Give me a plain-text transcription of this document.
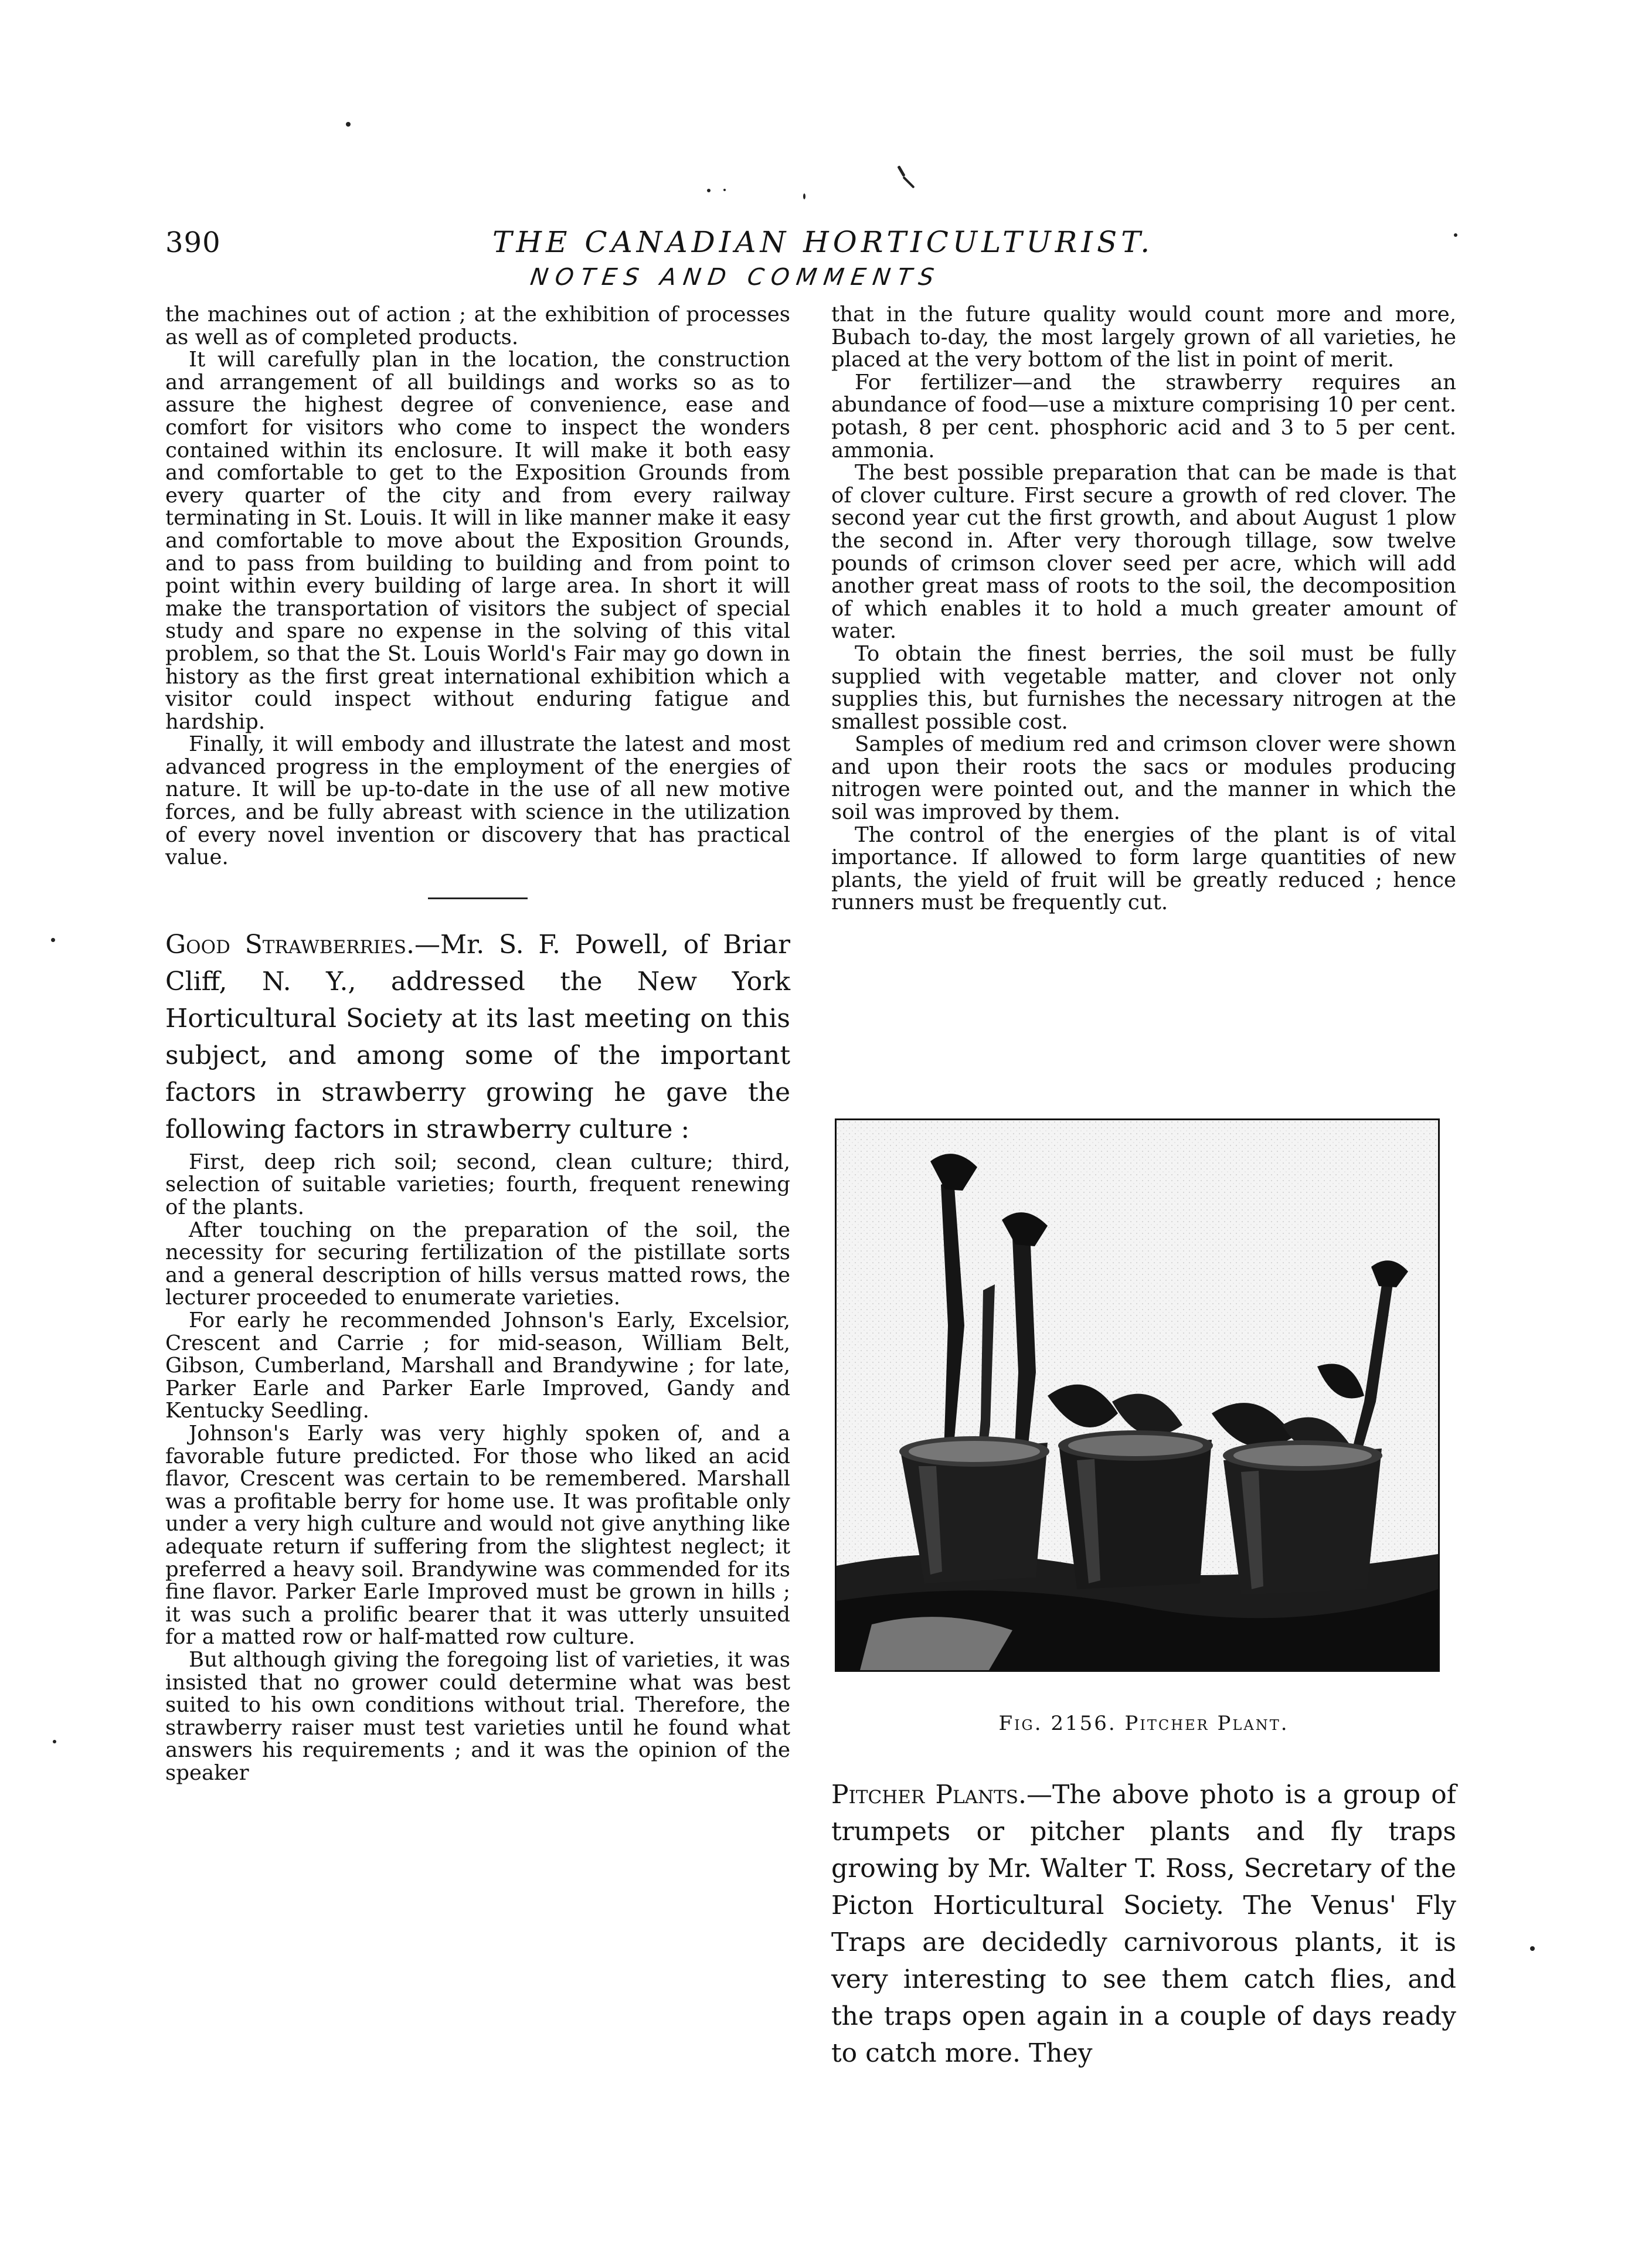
390	THE CANADIAN HORTICULTURIST.
NOTES AND COMMENTS

the machines out of action ; at the exhibition of processes as well as of completed products.

It will carefully plan in the location, the construction and arrangement of all buildings and works so as to assure the highest degree of convenience, ease and comfort for visitors who come to inspect the wonders contained within its enclosure. It will make it both easy and comfortable to get to the Exposition Grounds from every quarter of the city and from every railway terminating in St. Louis. It will in like manner make it easy and comfortable to move about the Exposition Grounds, and to pass from building to building and from point to point within every building of large area. In short it will make the transportation of visitors the subject of special study and spare no expense in the solving of this vital problem, so that the St. Louis World's Fair may go down in history as the first great international exhibition which a visitor could inspect without enduring fatigue and hardship.

Finally, it will embody and illustrate the latest and most advanced progress in the employment of the energies of nature. It will be up-to-date in the use of all new motive forces, and be fully abreast with science in the utilization of every novel invention or discovery that has practical value.

Good Strawberries.—Mr. S. F. Powell, of Briar Cliff, N. Y., addressed the New York Horticultural Society at its last meeting on this subject, and among some of the important factors in strawberry growing he gave the following factors in strawberry culture :

First, deep rich soil; second, clean culture; third, selection of suitable varieties; fourth, frequent renewing of the plants.

After touching on the preparation of the soil, the necessity for securing fertilization of the pistillate sorts and a general description of hills versus matted rows, the lecturer proceeded to enumerate varieties.

For early he recommended Johnson's Early, Excelsior, Crescent and Carrie ; for mid-season, William Belt, Gibson, Cumberland, Marshall and Brandywine ; for late, Parker Earle and Parker Earle Improved, Gandy and Kentucky Seedling.

Johnson's Early was very highly spoken of, and a favorable future predicted. For those who liked an acid flavor, Crescent was certain to be remembered. Marshall was a profitable berry for home use. It was profitable only under a very high culture and would not give anything like adequate return if suffering from the slightest neglect; it preferred a heavy soil. Brandywine was commended for its fine flavor. Parker Earle Improved must be grown in hills ; it was such a prolific bearer that it was utterly unsuited for a matted row or half-matted row culture.

But although giving the foregoing list of varieties, it was insisted that no grower could determine what was best suited to his own conditions without trial. Therefore, the strawberry raiser must test varieties until he found what answers his requirements ; and it was the opinion of the speaker

that in the future quality would count more and more, Bubach to-day, the most largely grown of all varieties, he placed at the very bottom of the list in point of merit.

For fertilizer—and the strawberry requires an abundance of food—use a mixture comprising 10 per cent. potash, 8 per cent. phosphoric acid and 3 to 5 per cent. ammonia.

The best possible preparation that can be made is that of clover culture. First secure a growth of red clover. The second year cut the first growth, and about August 1 plow the second in. After very thorough tillage, sow twelve pounds of crimson clover seed per acre, which will add another great mass of roots to the soil, the decomposition of which enables it to hold a much greater amount of water.

To obtain the finest berries, the soil must be fully supplied with vegetable matter, and clover not only supplies this, but furnishes the necessary nitrogen at the smallest possible cost.

Samples of medium red and crimson clover were shown and upon their roots the sacs or modules producing nitrogen were pointed out, and the manner in which the soil was improved by them.

The control of the energies of the plant is of vital importance. If allowed to form large quantities of new plants, the yield of fruit will be greatly reduced ; hence runners must be frequently cut.

Fig. 2156. Pitcher Plant.

Pitcher Plants.—The above photo is a group of trumpets or pitcher plants and fly traps growing by Mr. Walter T. Ross, Secretary of the Picton Horticultural Society. The Venus' Fly Traps are decidedly carnivorous plants, it is very interesting to see them catch flies, and the traps open again in a couple of days ready to catch more. They
